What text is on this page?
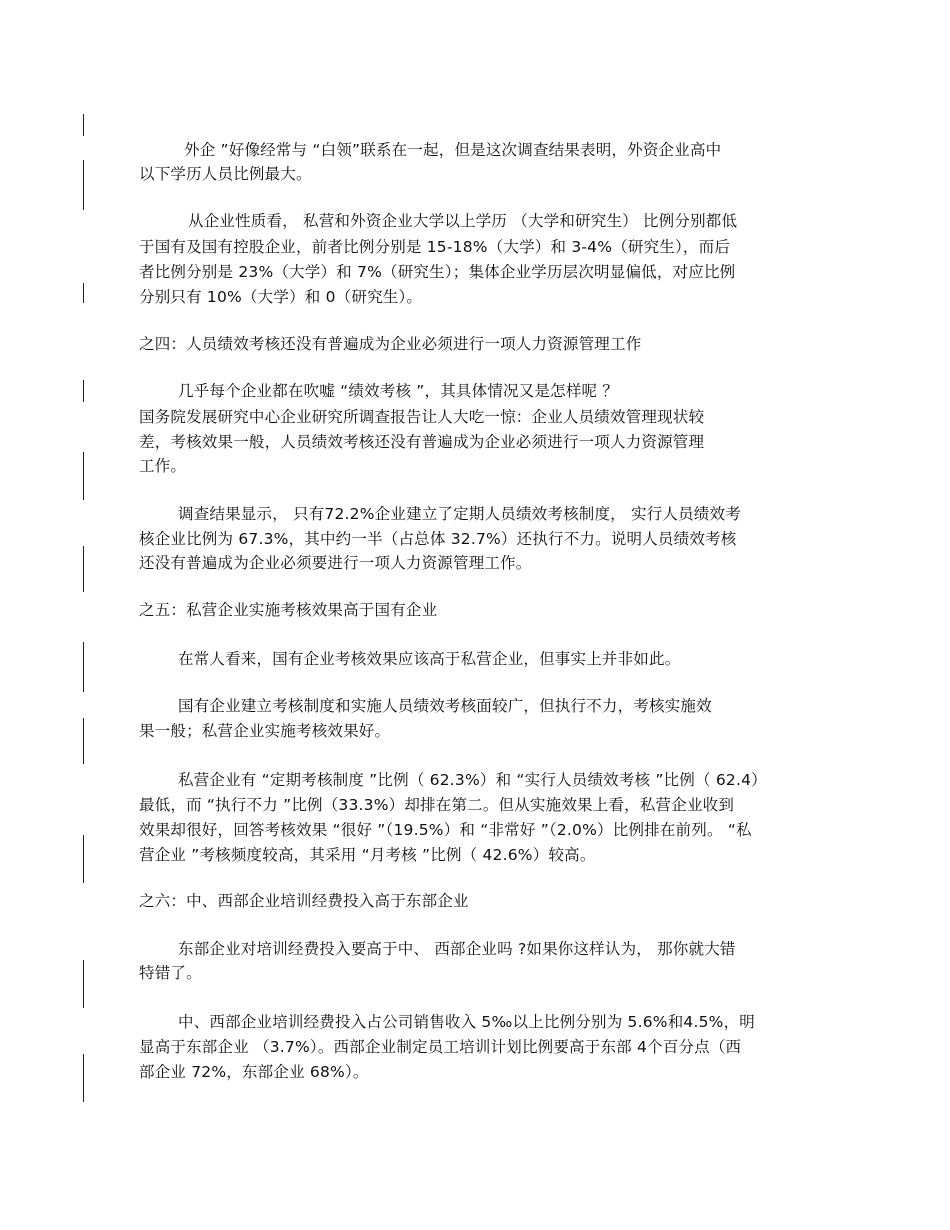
外企 ”好像经常与 “白领”联系在一起，但是这次调查结果表明，外资企业高中
以下学历人员比例最大。
从企业性质看， 私营和外资企业大学以上学历 （大学和研究生） 比例分别都低
于国有及国有控股企业，前者比例分别是 15-18%（大学）和 3-4%（研究生），而后
者比例分别是 23%（大学）和 7%（研究生）；集体企业学历层次明显偏低，对应比例
分别只有 10%（大学）和 0（研究生）。
之四：人员绩效考核还没有普遍成为企业必须进行一项人力资源管理工作
几乎每个企业都在吹嘘 “绩效考核 ”，其具体情况又是怎样呢 ？
国务院发展研究中心企业研究所调查报告让人大吃一惊：企业人员绩效管理现状较
差，考核效果一般，人员绩效考核还没有普遍成为企业必须进行一项人力资源管理
工作。
调查结果显示， 只有72.2%企业建立了定期人员绩效考核制度， 实行人员绩效考
核企业比例为 67.3%，其中约一半（占总体 32.7%）还执行不力。说明人员绩效考核
还没有普遍成为企业必须要进行一项人力资源管理工作。
之五：私营企业实施考核效果高于国有企业
在常人看来，国有企业考核效果应该高于私营企业，但事实上并非如此。
国有企业建立考核制度和实施人员绩效考核面较广，但执行不力，考核实施效
果一般；私营企业实施考核效果好。
私营企业有 “定期考核制度 ”比例（ 62.3%）和 “实行人员绩效考核 ”比例（ 62.4）
最低，而 “执行不力 ”比例（33.3%）却排在第二。但从实施效果上看，私营企业收到
效果却很好，回答考核效果 “很好 ”（19.5%）和 “非常好 ”（2.0%）比例排在前列。 “私
营企业 ”考核频度较高，其采用 “月考核 ”比例（ 42.6%）较高。
之六：中、西部企业培训经费投入高于东部企业
东部企业对培训经费投入要高于中、 西部企业吗 ?如果你这样认为， 那你就大错
特错了。
中、西部企业培训经费投入占公司销售收入 5‰以上比例分别为 5.6%和4.5%，明
显高于东部企业 （3.7%）。西部企业制定员工培训计划比例要高于东部 4个百分点（西
部企业 72%，东部企业 68%）。
